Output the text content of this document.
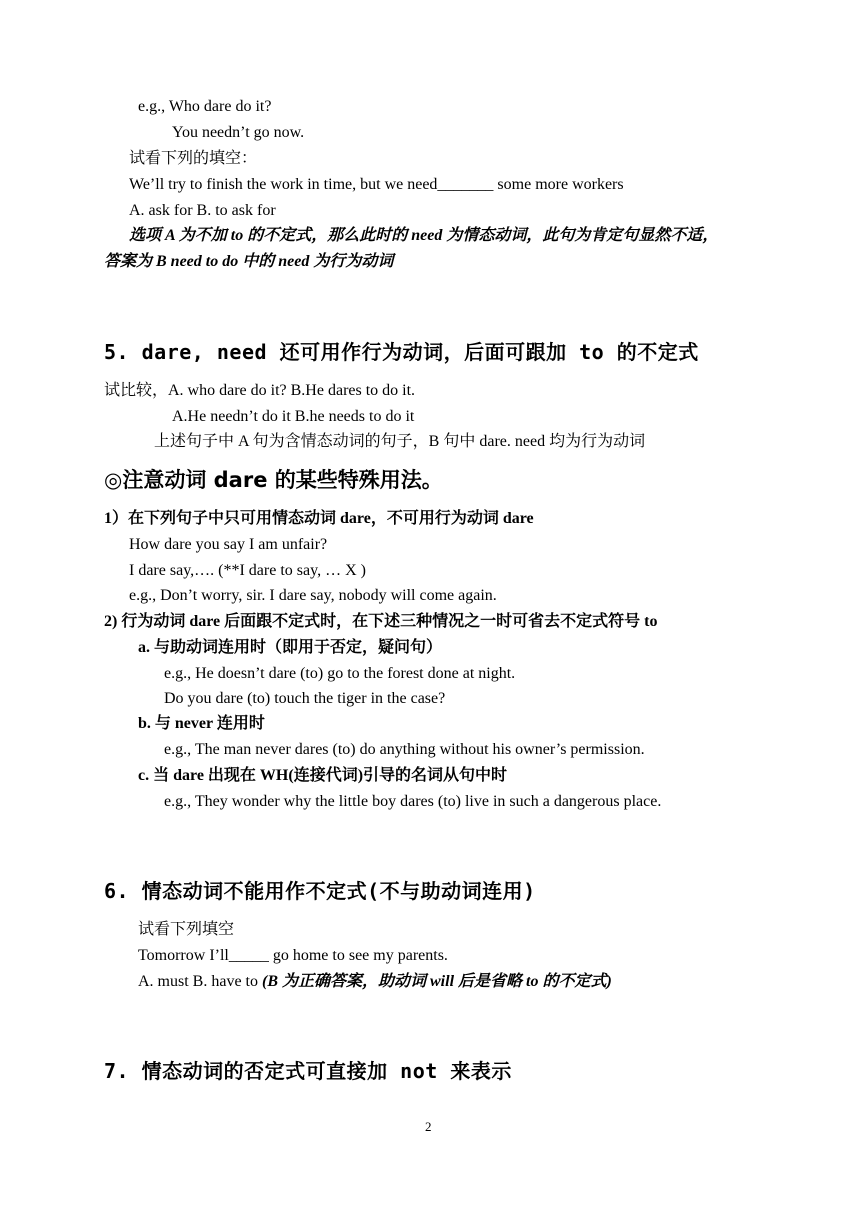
e.g., Who dare do it?
You needn’t go now.
试看下列的填空：
We’ll try to finish the work in time, but we need_______ some more workers
A. ask for B. to ask for
选项 A 为不加 to 的不定式，那么此时的 need 为情态动词，此句为肯定句显然不适，
答案为 B need to do 中的 need 为行为动词
5. dare, need 还可用作行为动词，后面可跟加 to 的不定式
试比较，A. who dare do it? B.He dares to do it.
A.He needn’t do it B.he needs to do it
上述句子中 A 句为含情态动词的句子，B 句中 dare. need 均为行为动词
◎注意动词 dare 的某些特殊用法。
1）在下列句子中只可用情态动词 dare，不可用行为动词 dare
How dare you say I am unfair?
I dare say,…. (**I dare to say, … X )
e.g., Don’t worry, sir. I dare say, nobody will come again.
2) 行为动词 dare 后面跟不定式时，在下述三种情况之一时可省去不定式符号 to
a. 与助动词连用时（即用于否定，疑问句）
e.g., He doesn’t dare (to) go to the forest done at night.
Do you dare (to) touch the tiger in the case?
b. 与 never 连用时
e.g., The man never dares (to) do anything without his owner’s permission.
c. 当 dare 出现在 WH(连接代词)引导的名词从句中时
e.g., They wonder why the little boy dares (to) live in such a dangerous place.
6. 情态动词不能用作不定式(不与助动词连用)
试看下列填空
Tomorrow I’ll_____ go home to see my parents.
A. must B. have to (B 为正确答案，助动词 will 后是省略 to 的不定式)
7. 情态动词的否定式可直接加 not 来表示
2
